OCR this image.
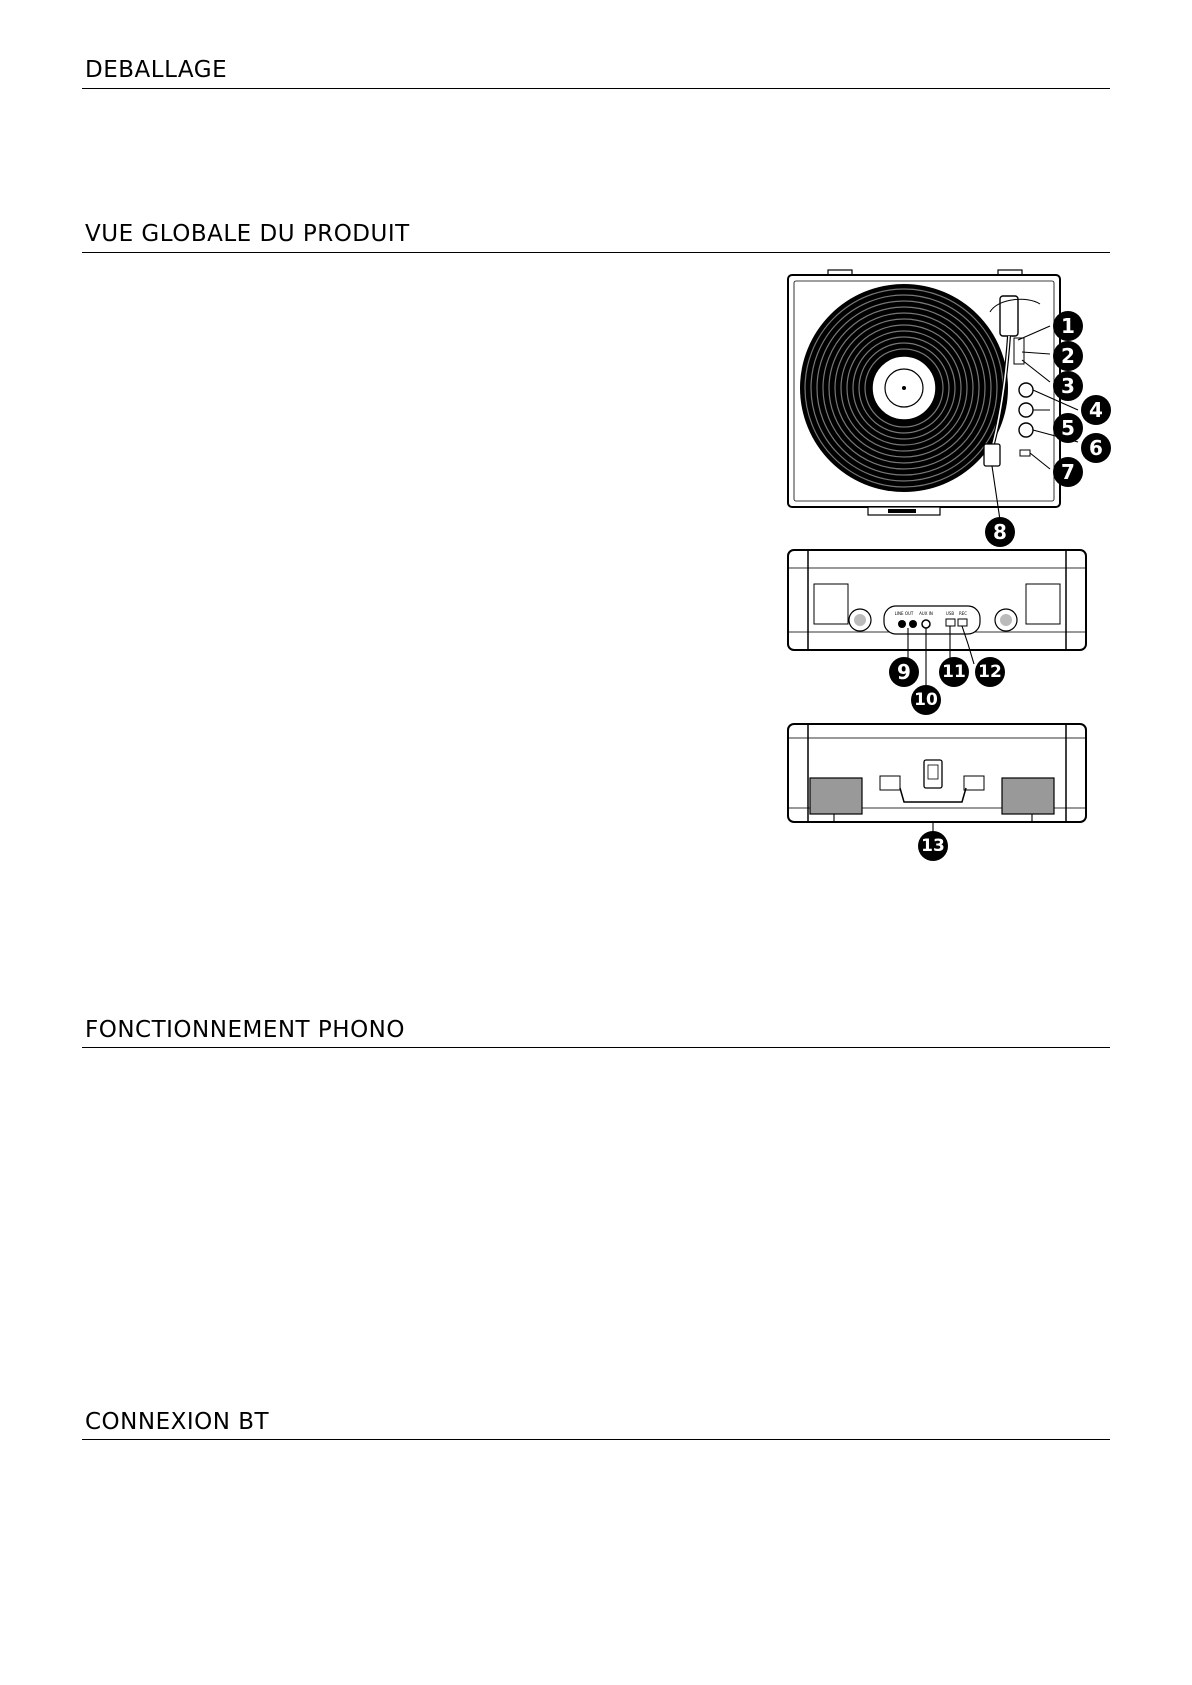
DEBALLAGE
VUE GLOBALE DU PRODUIT
FONCTIONNEMENT PHONO
CONNEXION BT
1
2
3
4
5
6
7
8
LINE OUT AUX IN	USB REC
9
10
11 12
13
